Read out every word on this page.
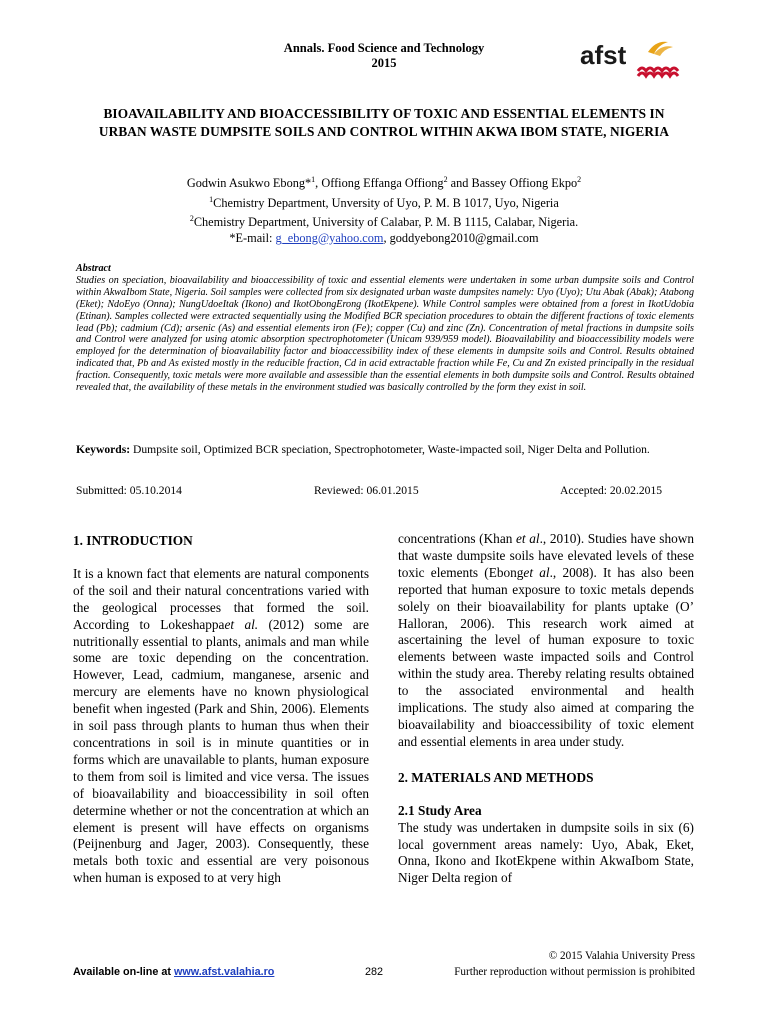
Annals. Food Science and Technology
2015	afst
BIOAVAILABILITY AND BIOACCESSIBILITY OF TOXIC AND ESSENTIAL ELEMENTS IN URBAN WASTE DUMPSITE SOILS AND CONTROL WITHIN AKWA IBOM STATE, NIGERIA
Godwin Asukwo Ebong*$^1$, Offiong Effanga Offiong$^2$ and Bassey Offiong Ekpo$^2$
$^1$Chemistry Department, Unversity of Uyo, P. M. B 1017, Uyo, Nigeria
$^2$Chemistry Department, University of Calabar, P. M. B 1115, Calabar, Nigeria.
*E-mail: g_ebong@yahoo.com, goddyebong2010@gmail.com
Abstract
Studies on speciation, bioavailability and bioaccessibility of toxic and essential elements were undertaken in some urban dumpsite soils and Control within AkwaIbom State, Nigeria. Soil samples were collected from six designated urban waste dumpsites namely: Uyo (Uyo); Utu Abak (Abak); Atabong (Eket); NdoEyo (Onna); NungUdoeItak (Ikono) and IkotObongErong (IkotEkpene). While Control samples were obtained from a forest in IkotUdobia (Etinan). Samples collected were extracted sequentially using the Modified BCR speciation procedures to obtain the different fractions of toxic elements lead (Pb); cadmium (Cd); arsenic (As) and essential elements iron (Fe); copper (Cu) and zinc (Zn). Concentration of metal fractions in dumpsite soils and Control were analyzed for using atomic absorption spectrophotometer (Unicam 939/959 model). Bioavailability and bioaccessibility models were employed for the determination of bioavailability factor and bioaccessibility index of these elements in dumpsite soils and Control. Results obtained indicated that, Pb and As existed mostly in the reducible fraction, Cd in acid extractable fraction while Fe, Cu and Zn existed principally in the residual fraction. Consequently, toxic metals were more available and assessible than the essential elements in both dumpsite soils and Control. Results obtained revealed that, the availability of these metals in the environment studied was basically controlled by the form they exist in soil.
Keywords: Dumpsite soil, Optimized BCR speciation, Spectrophotometer, Waste-impacted soil, Niger Delta and Pollution.
Submitted: 05.10.2014	Reviewed: 06.01.2015	Accepted: 20.02.2015
1. INTRODUCTION

It is a known fact that elements are natural components of the soil and their natural concentrations varied with the geological processes that formed the soil. According to Lokeshappaet al. (2012) some are nutritionally essential to plants, animals and man while some are toxic depending on the concentration. However, Lead, cadmium, manganese, arsenic and mercury are elements have no known physiological benefit when ingested (Park and Shin, 2006). Elements in soil pass through plants to human thus when their concentrations in soil is in minute quantities or in forms which are unavailable to plants, human exposure to them from soil is limited and vice versa. The issues of bioavailability and bioaccessibility in soil often determine whether or not the concentration at which an element is present will have effects on organisms (Peijnenburg and Jager, 2003). Consequently, these metals both toxic and essential are very poisonous when human is exposed to at very high

concentrations (Khan et al., 2010). Studies have shown that waste dumpsite soils have elevated levels of these toxic elements (Ebonget al., 2008). It has also been reported that human exposure to toxic metals depends solely on their bioavailability for plants uptake (O’ Halloran, 2006). This research work aimed at ascertaining the level of human exposure to toxic elements between waste impacted soils and Control within the study area. Thereby relating results obtained to the associated environmental and health implications. The study also aimed at comparing the bioavailability and bioaccessibility of toxic element and essential elements in area under study.

2. MATERIALS AND METHODS
2.1 Study Area

The study was undertaken in dumpsite soils in six (6) local government areas namely: Uyo, Abak, Eket, Onna, Ikono and IkotEkpene within AkwaIbom State, Niger Delta region of

© 2015 Valahia University Press
Available on-line at www.afst.valahia.ro	282	Further reproduction without permission is prohibited
